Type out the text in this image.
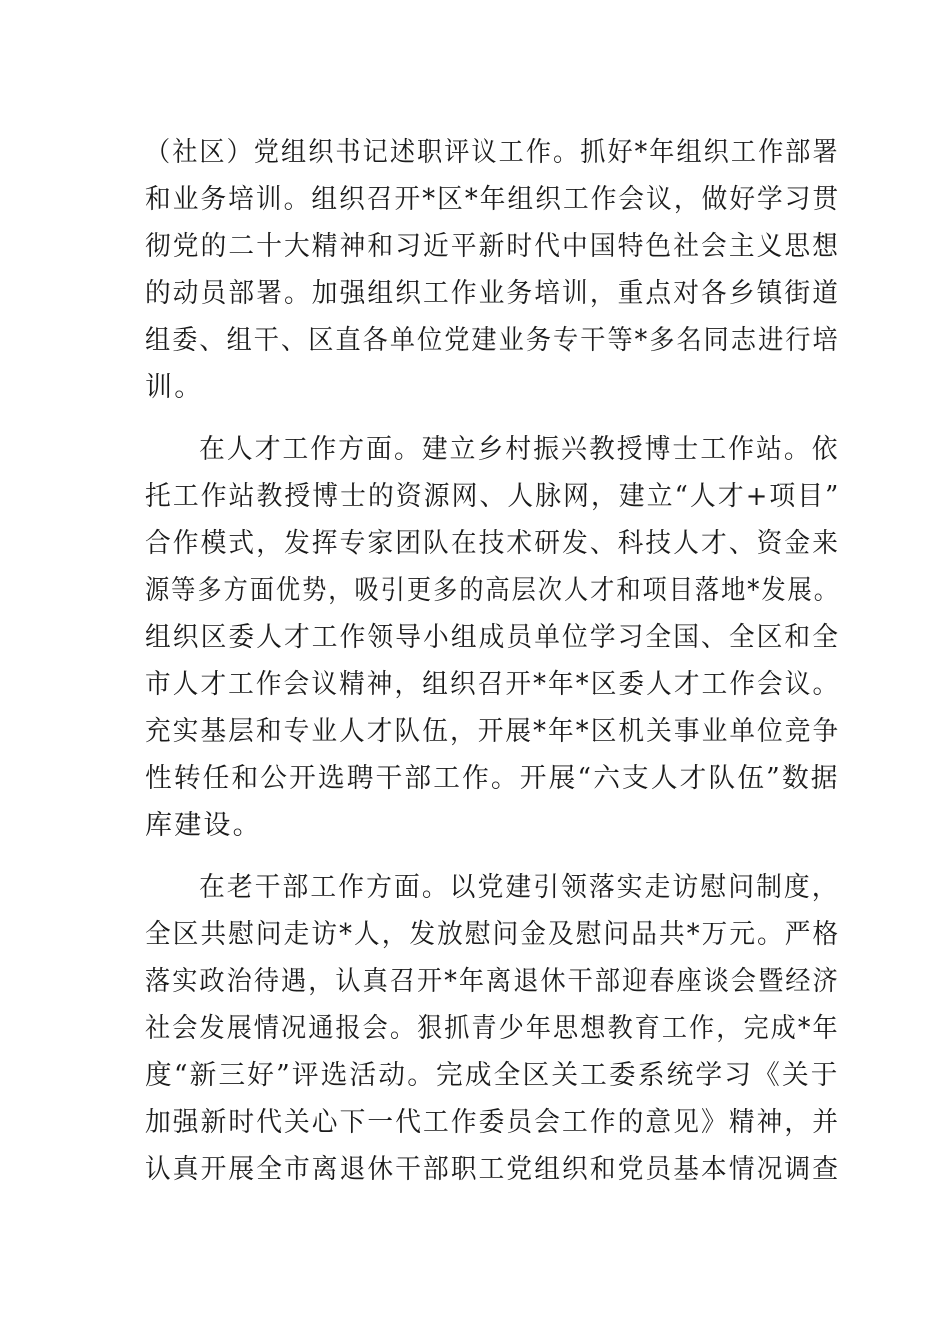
（社区）党组织书记述职评议工作。抓好*年组织工作部署
和业务培训。组织召开*区*年组织工作会议，做好学习贯
彻党的二十大精神和习近平新时代中国特色社会主义思想
的动员部署。加强组织工作业务培训，重点对各乡镇街道
组委、组干、区直各单位党建业务专干等*多名同志进行培
训。
在人才工作方面。建立乡村振兴教授博士工作站。依
托工作站教授博士的资源网、人脉网，建立“人才+项目”
合作模式，发挥专家团队在技术研发、科技人才、资金来
源等多方面优势，吸引更多的高层次人才和项目落地*发展。
组织区委人才工作领导小组成员单位学习全国、全区和全
市人才工作会议精神，组织召开*年*区委人才工作会议。
充实基层和专业人才队伍，开展*年*区机关事业单位竞争
性转任和公开选聘干部工作。开展“六支人才队伍”数据
库建设。
在老干部工作方面。以党建引领落实走访慰问制度，
全区共慰问走访*人，发放慰问金及慰问品共*万元。严格
落实政治待遇，认真召开*年离退休干部迎春座谈会暨经济
社会发展情况通报会。狠抓青少年思想教育工作，完成*年
度“新三好”评选活动。完成全区关工委系统学习《关于
加强新时代关心下一代工作委员会工作的意见》精神，并
认真开展全市离退休干部职工党组织和党员基本情况调查
